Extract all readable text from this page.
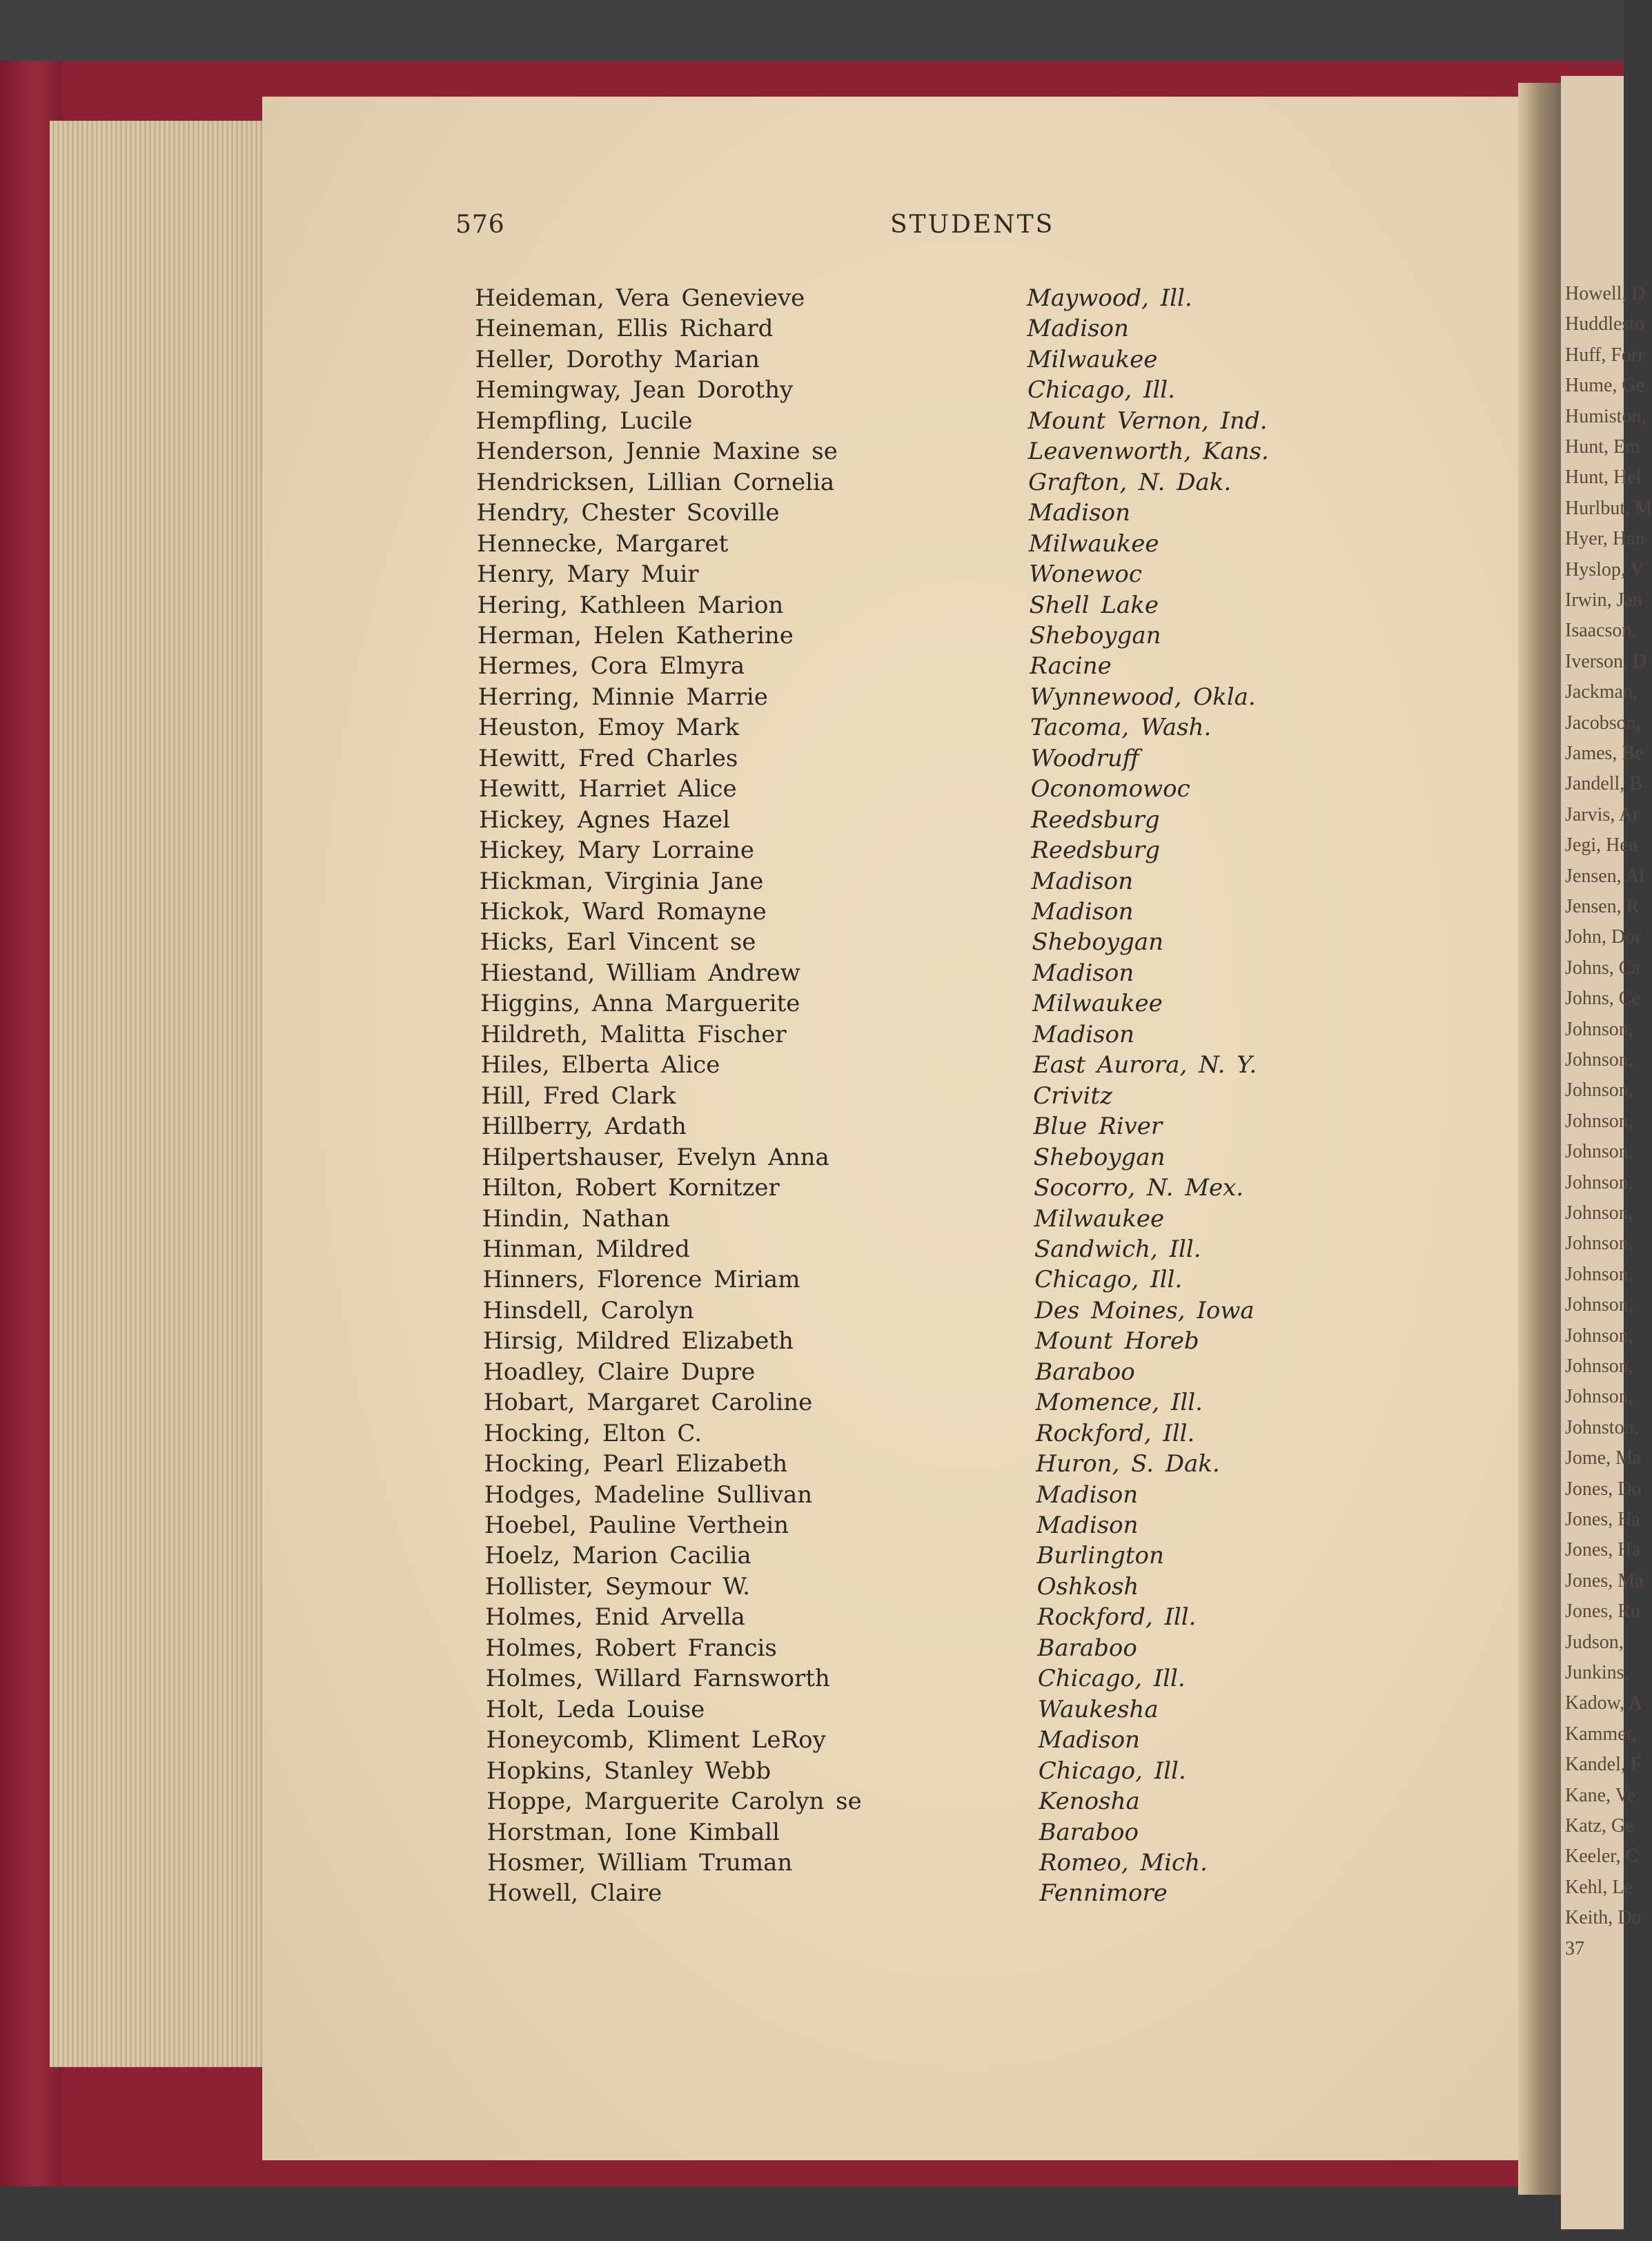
Howell, D
Huddlesto
Huff, Forr
Hume, Ge
Humiston,
Hunt, Em
Hunt, Hel
Hurlbut, M
Hyer, Han
Hyslop, V
Irwin, Jan
Isaacson,
Iverson, D
Jackman,
Jacobson,
James, Be
Jandell, B
Jarvis, Ar
Jegi, Hen
Jensen, Al
Jensen, R
John, Dor
Johns, Ca
Johns, Ce
Johnson,
Johnson,
Johnson,
Johnson,
Johnson,
Johnson,
Johnson,
Johnson,
Johnson,
Johnson,
Johnson,
Johnson,
Johnson,
Johnston,
Jome, Ma
Jones, Do
Jones, Ha
Jones, Ha
Jones, Ma
Jones, Ru
Judson,
Junkins,
Kadow, A
Kammer,
Kandel, F
Kane, Ve
Katz, Ge
Keeler, C
Kehl, Le
Keith, Do
37
576	STUDENTS
Heideman, Vera Genevieve	Maywood, Ill.
Heineman, Ellis Richard	Madison
Heller, Dorothy Marian	Milwaukee
Hemingway, Jean Dorothy	Chicago, Ill.
Hempfling, Lucile	Mount Vernon, Ind.
Henderson, Jennie Maxine se	Leavenworth, Kans.
Hendricksen, Lillian Cornelia	Grafton, N. Dak.
Hendry, Chester Scoville	Madison
Hennecke, Margaret	Milwaukee
Henry, Mary Muir	Wonewoc
Hering, Kathleen Marion	Shell Lake
Herman, Helen Katherine	Sheboygan
Hermes, Cora Elmyra	Racine
Herring, Minnie Marrie	Wynnewood, Okla.
Heuston, Emoy Mark	Tacoma, Wash.
Hewitt, Fred Charles	Woodruff
Hewitt, Harriet Alice	Oconomowoc
Hickey, Agnes Hazel	Reedsburg
Hickey, Mary Lorraine	Reedsburg
Hickman, Virginia Jane	Madison
Hickok, Ward Romayne	Madison
Hicks, Earl Vincent se	Sheboygan
Hiestand, William Andrew	Madison
Higgins, Anna Marguerite	Milwaukee
Hildreth, Malitta Fischer	Madison
Hiles, Elberta Alice	East Aurora, N. Y.
Hill, Fred Clark	Crivitz
Hillberry, Ardath	Blue River
Hilpertshauser, Evelyn Anna	Sheboygan
Hilton, Robert Kornitzer	Socorro, N. Mex.
Hindin, Nathan	Milwaukee
Hinman, Mildred	Sandwich, Ill.
Hinners, Florence Miriam	Chicago, Ill.
Hinsdell, Carolyn	Des Moines, Iowa
Hirsig, Mildred Elizabeth	Mount Horeb
Hoadley, Claire Dupre	Baraboo
Hobart, Margaret Caroline	Momence, Ill.
Hocking, Elton C.	Rockford, Ill.
Hocking, Pearl Elizabeth	Huron, S. Dak.
Hodges, Madeline Sullivan	Madison
Hoebel, Pauline Verthein	Madison
Hoelz, Marion Cacilia	Burlington
Hollister, Seymour W.	Oshkosh
Holmes, Enid Arvella	Rockford, Ill.
Holmes, Robert Francis	Baraboo
Holmes, Willard Farnsworth	Chicago, Ill.
Holt, Leda Louise	Waukesha
Honeycomb, Kliment LeRoy	Madison
Hopkins, Stanley Webb	Chicago, Ill.
Hoppe, Marguerite Carolyn se	Kenosha
Horstman, Ione Kimball	Baraboo
Hosmer, William Truman	Romeo, Mich.
Howell, Claire	Fennimore
